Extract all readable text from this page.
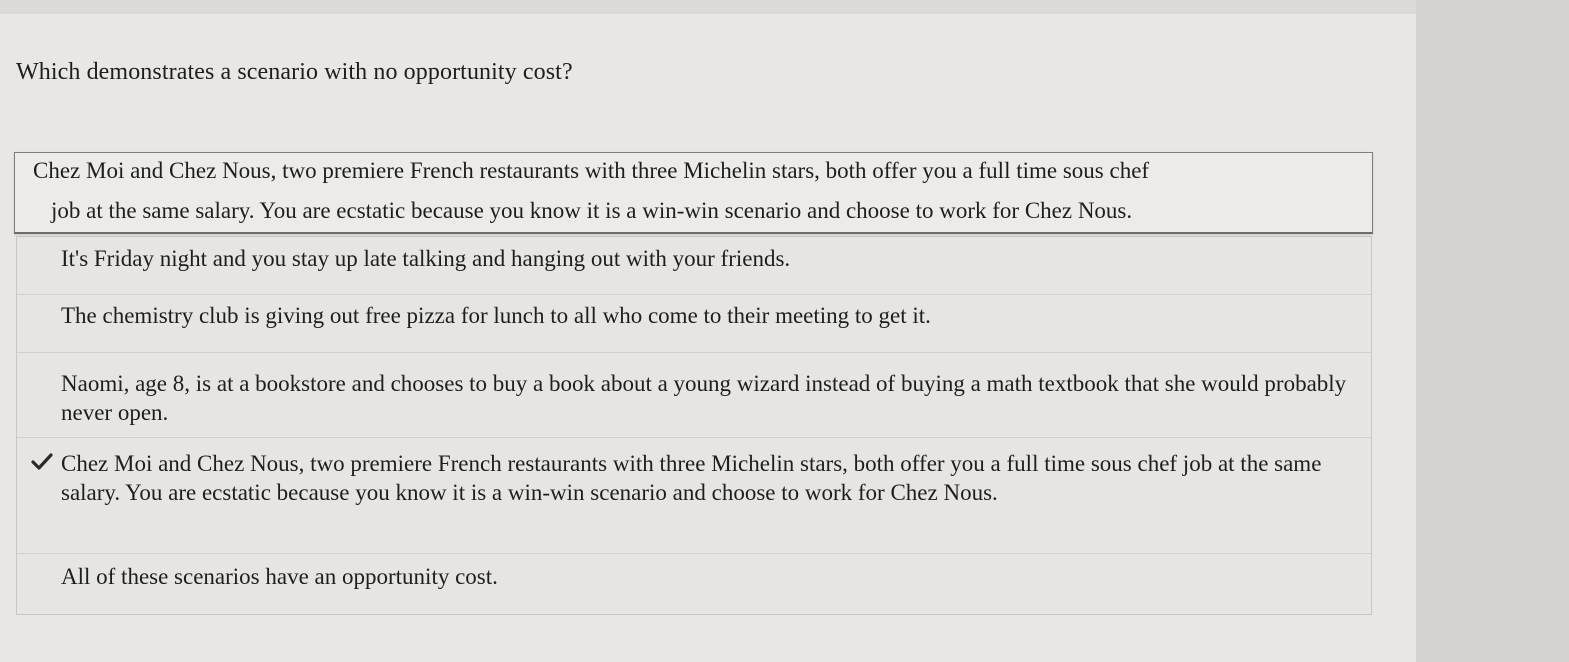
Which demonstrates a scenario with no opportunity cost?
It's Friday night and you stay up late talking and hanging out with your friends.
The chemistry club is giving out free pizza for lunch to all who come to their meeting to get it.
Naomi, age 8, is at a bookstore and chooses to buy a book about a young wizard instead of buying a math textbook that she would probably never open.
Chez Moi and Chez Nous, two premiere French restaurants with three Michelin stars, both offer you a full time sous chef job at the same salary. You are ecstatic because you know it is a win-win scenario and choose to work for Chez Nous.
All of these scenarios have an opportunity cost.
Chez Moi and Chez Nous, two premiere French restaurants with three Michelin stars, both offer you a full time sous chef
job at the same salary. You are ecstatic because you know it is a win-win scenario and choose to work for Chez Nous.
